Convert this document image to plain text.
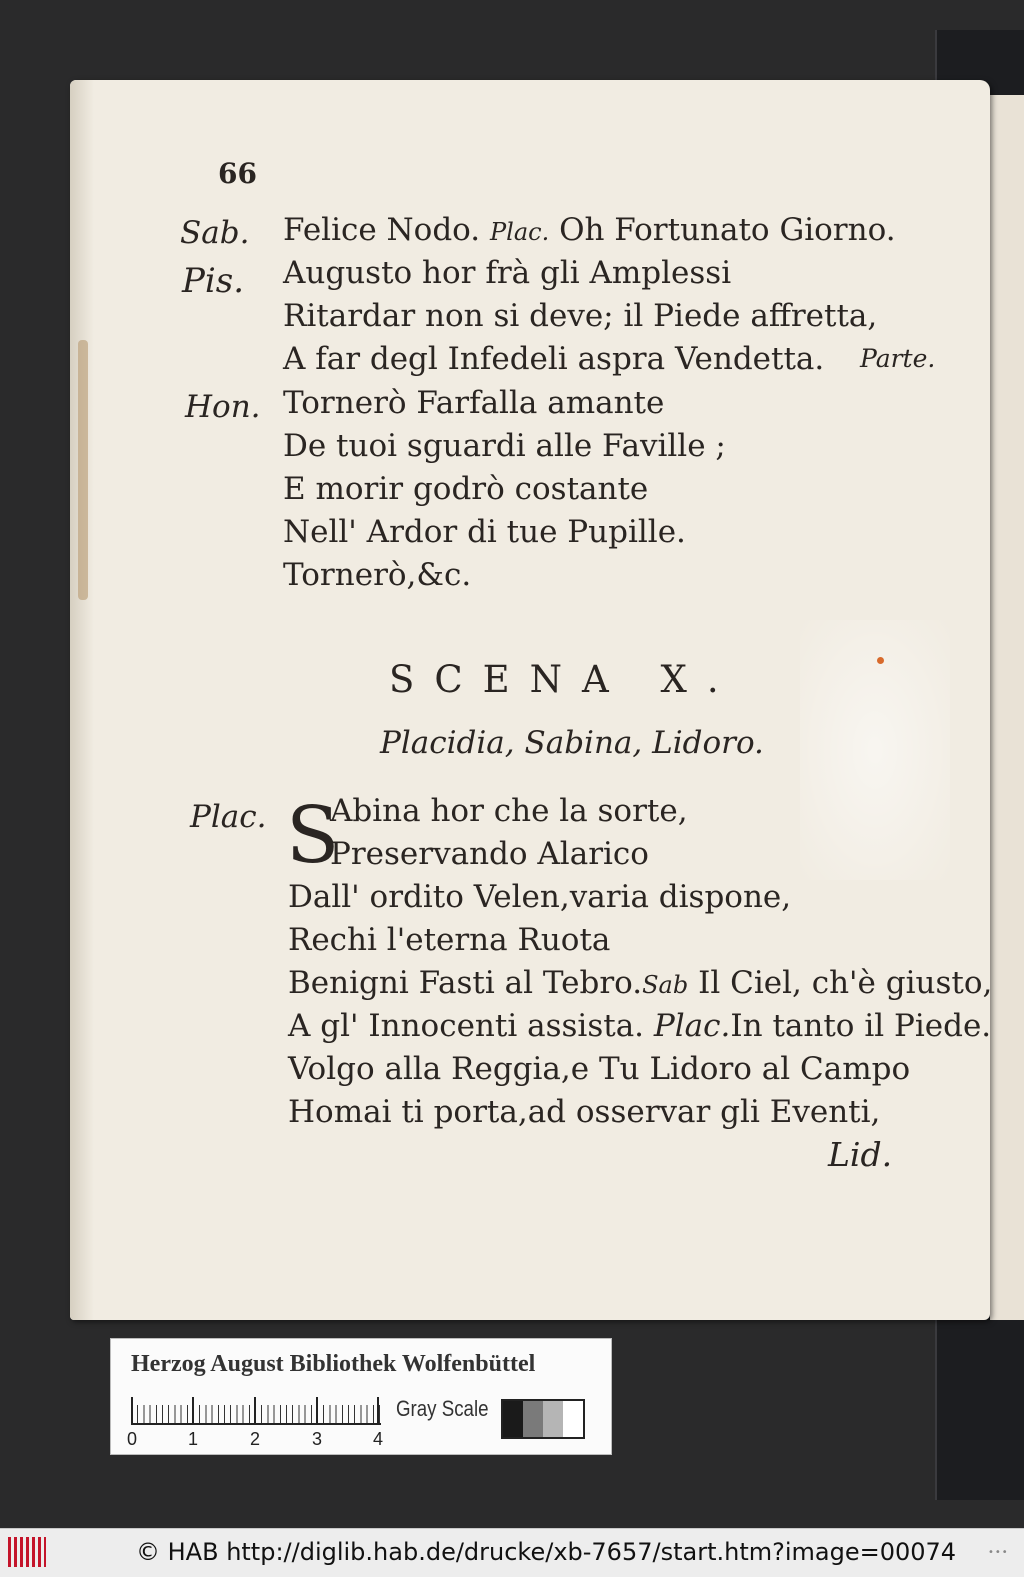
66
Sab. Felice Nodo. Plac. Oh Fortunato Giorno.
Pis. Augusto hor frà gli Amplessi
Ritardar non si deve; il Piede affretta,
A far degl Infedeli aspra Vendetta. Parte.
Hon. Tornerò Farfalla amante
De tuoi sguardi alle Faville ;
E morir godrò costante
Nell' Ardor di tue Pupille.
Tornerò,&c.
SCENA X.
Placidia, Sabina, Lidoro.
Plac. S
Abina hor che la sorte,
Preservando Alarico
Dall' ordito Velen,varia dispone,
Rechi l'eterna Ruota
Benigni Fasti al Tebro.Sab Il Ciel, ch'è giusto,
A gl' Innocenti assista. Plac.In tanto il Piede.
Volgo alla Reggia,e Tu Lidoro al Campo
Homai ti porta,ad osservar gli Eventi,
Lid.
Herzog August Bibliothek Wolfenbüttel
0	1	2	3	4
Gray Scale
© HAB http://diglib.hab.de/drucke/xb-7657/start.htm?image=00074	•••
